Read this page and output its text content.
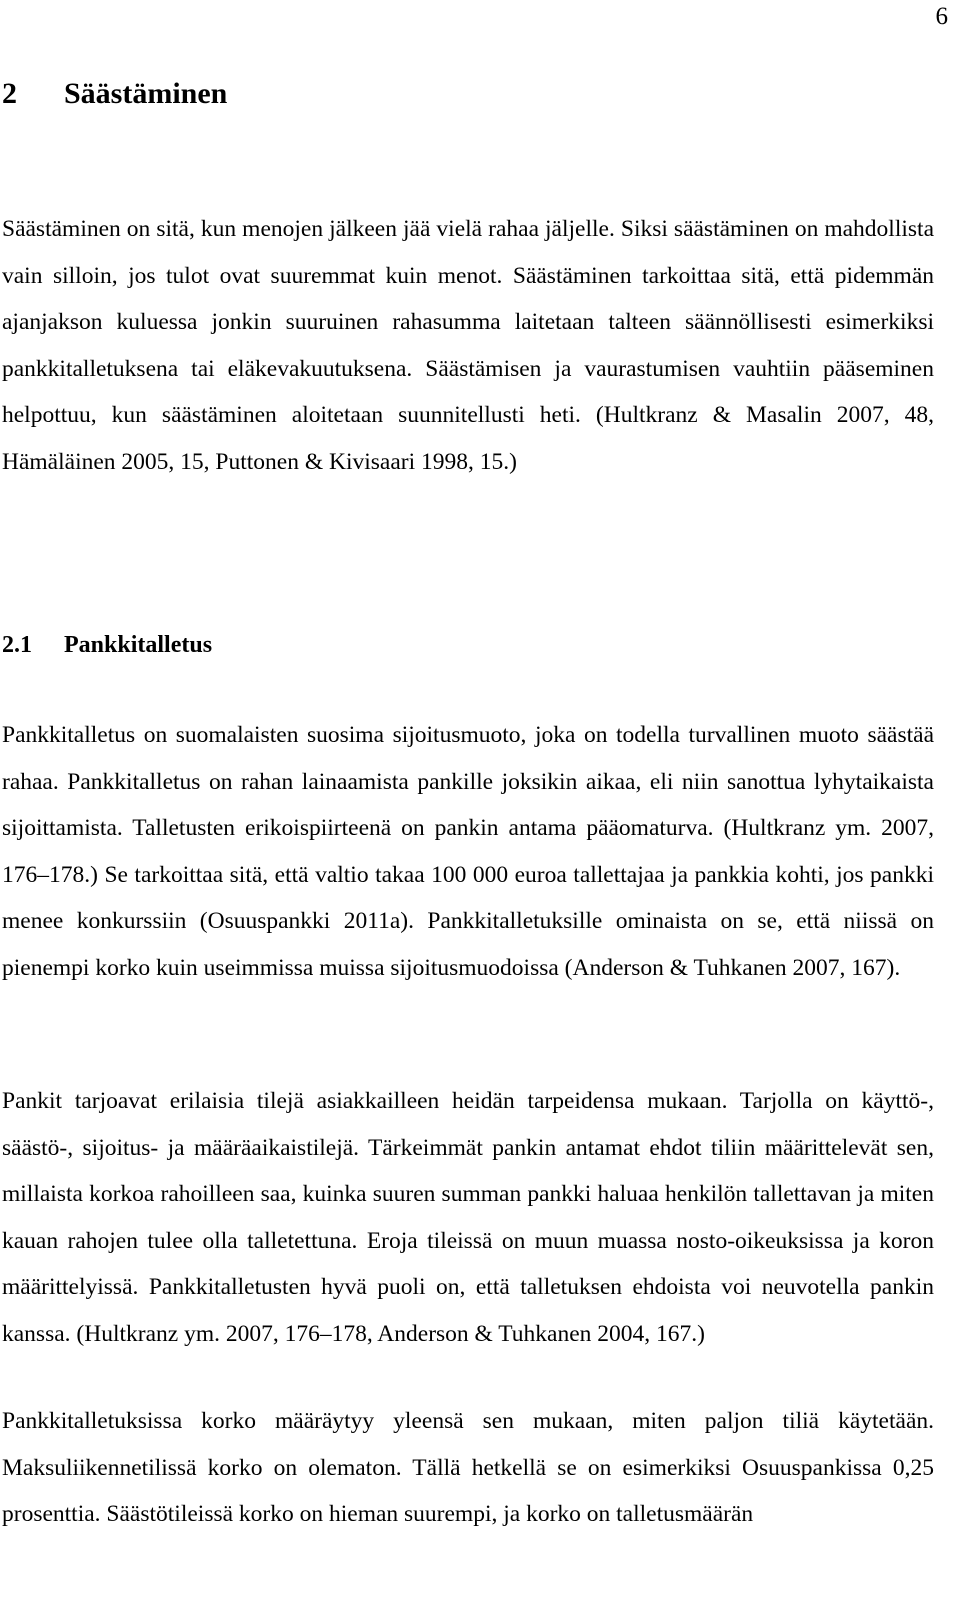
6
2	Säästäminen

Säästäminen on sitä, kun menojen jälkeen jää vielä rahaa jäljelle. Siksi säästäminen on mahdollista vain silloin, jos tulot ovat suuremmat kuin menot. Säästäminen tarkoittaa sitä, että pidemmän ajanjakson kuluessa jonkin suuruinen rahasumma laitetaan talteen säännöllisesti esimerkiksi pankkitalletuksena tai eläkevakuutuksena. Säästämisen ja vaurastumisen vauhtiin pääseminen helpottuu, kun säästäminen aloitetaan suunnitellusti heti. (Hultkranz & Masalin 2007, 48, Hämäläinen 2005, 15, Puttonen & Kivisaari 1998, 15.)

2.1	Pankkitalletus

Pankkitalletus on suomalaisten suosima sijoitusmuoto, joka on todella turvallinen muoto säästää rahaa. Pankkitalletus on rahan lainaamista pankille joksikin aikaa, eli niin sanottua lyhytaikaista sijoittamista. Talletusten erikoispiirteenä on pankin antama pääomaturva. (Hultkranz ym. 2007, 176–178.) Se tarkoittaa sitä, että valtio takaa 100 000 euroa tallettajaa ja pankkia kohti, jos pankki menee konkurssiin (Osuuspankki 2011a). Pankkitalletuksille ominaista on se, että niissä on pienempi korko kuin useimmissa muissa sijoitusmuodoissa (Anderson & Tuhkanen 2007, 167).

Pankit tarjoavat erilaisia tilejä asiakkailleen heidän tarpeidensa mukaan. Tarjolla on käyttö-, säästö-, sijoitus- ja määräaikaistilejä. Tärkeimmät pankin antamat ehdot tiliin määrittelevät sen, millaista korkoa rahoilleen saa, kuinka suuren summan pankki haluaa henkilön tallettavan ja miten kauan rahojen tulee olla talletettuna. Eroja tileissä on muun muassa nosto-oikeuksissa ja koron määrittelyissä. Pankkitalletusten hyvä puoli on, että talletuksen ehdoista voi neuvotella pankin kanssa. (Hultkranz ym. 2007, 176–178, Anderson & Tuhkanen 2004, 167.)

Pankkitalletuksissa korko määräytyy yleensä sen mukaan, miten paljon tiliä käytetään. Maksuliikennetilissä korko on olematon. Tällä hetkellä se on esimerkiksi Osuuspankissa 0,25 prosenttia. Säästötileissä korko on hieman suurempi, ja korko on talletusmäärän
